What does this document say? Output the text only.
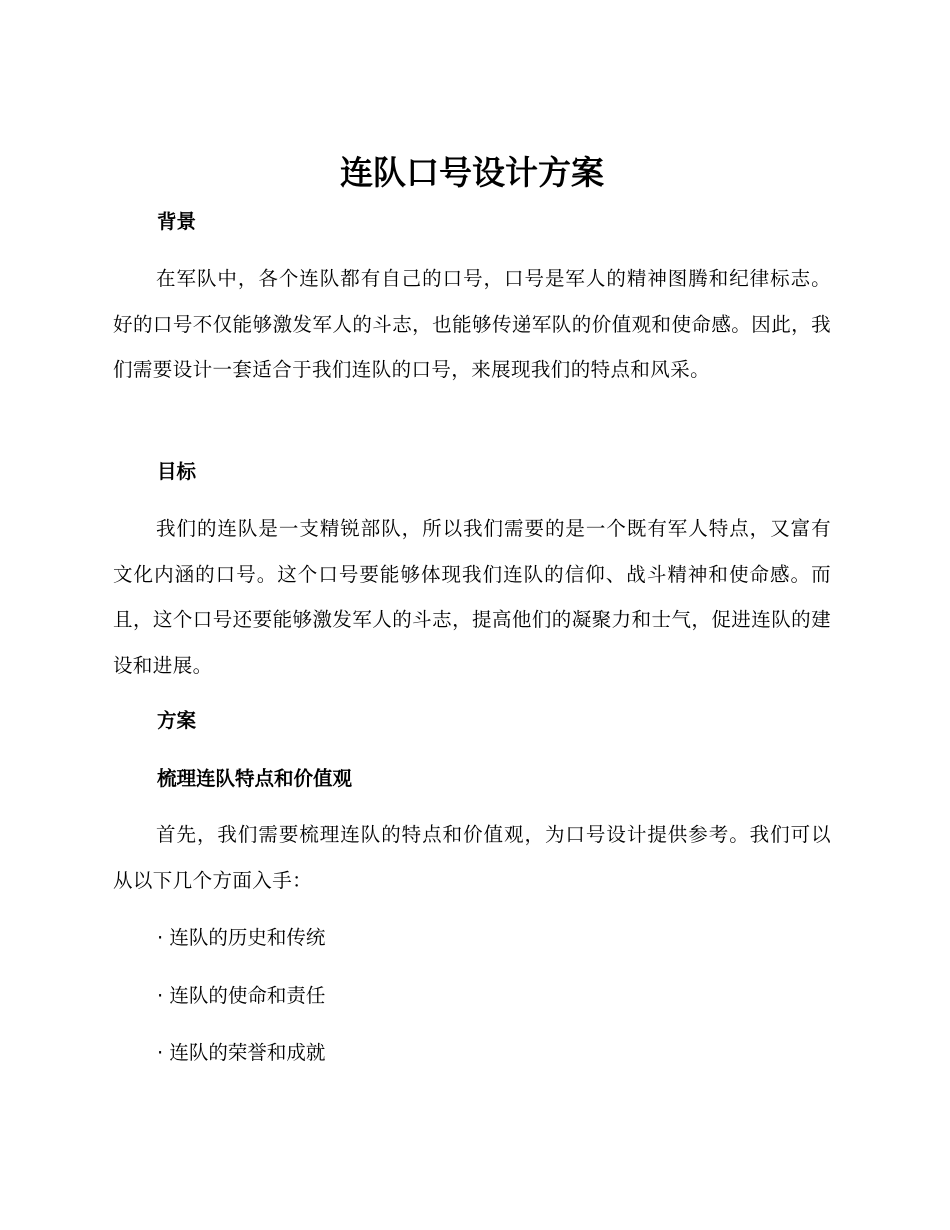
连队口号设计方案
背景

在军队中，各个连队都有自己的口号，口号是军人的精神图腾和纪律标志。好的口号不仅能够激发军人的斗志，也能够传递军队的价值观和使命感。因此，我们需要设计一套适合于我们连队的口号，来展现我们的特点和风采。

目标

我们的连队是一支精锐部队，所以我们需要的是一个既有军人特点，又富有文化内涵的口号。这个口号要能够体现我们连队的信仰、战斗精神和使命感。而且，这个口号还要能够激发军人的斗志，提高他们的凝聚力和士气，促进连队的建设和进展。

方案
梳理连队特点和价值观

首先，我们需要梳理连队的特点和价值观，为口号设计提供参考。我们可以从以下几个方面入手：

· 连队的历史和传统
· 连队的使命和责任
· 连队的荣誉和成就
